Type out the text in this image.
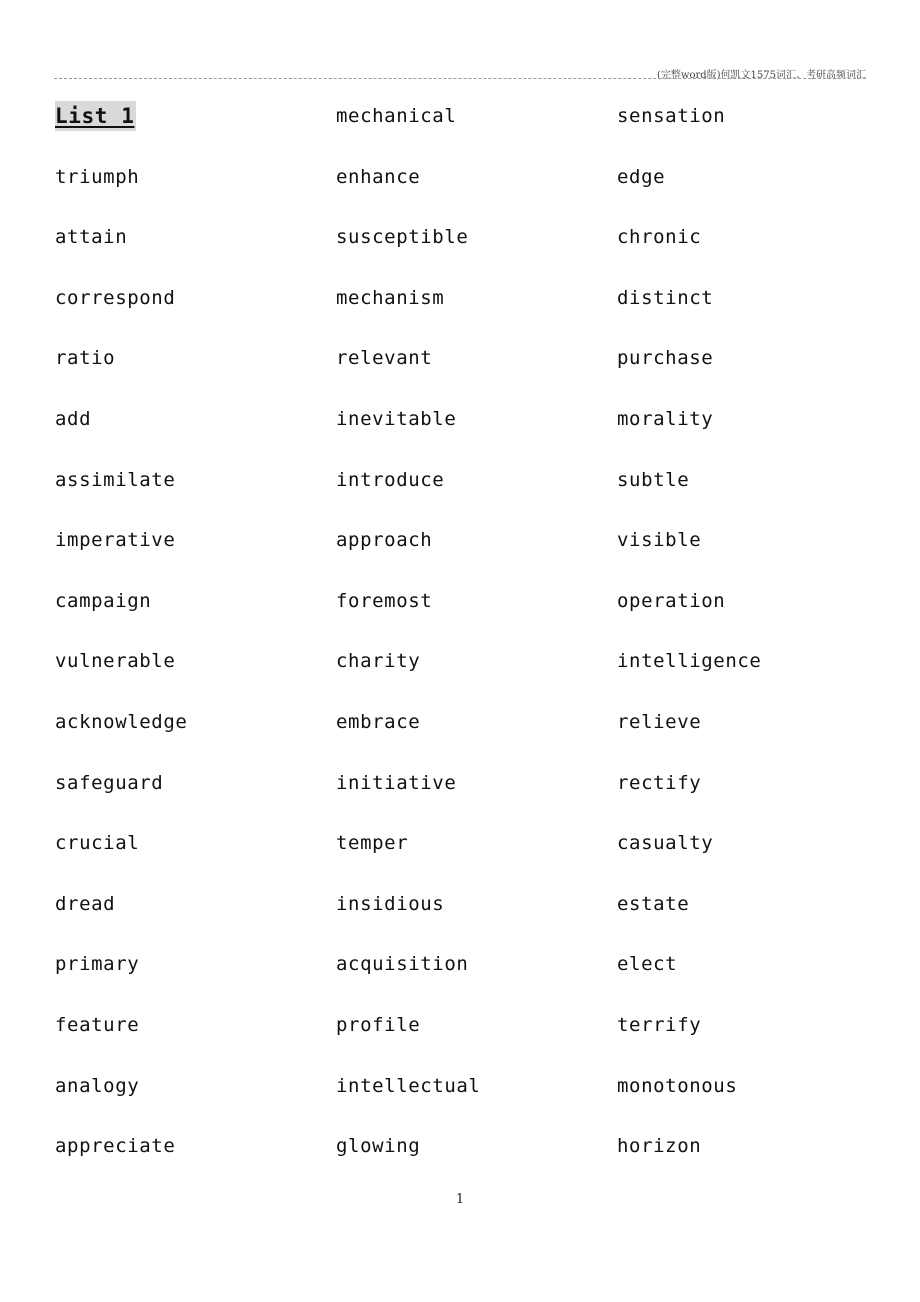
(完整word版)何凯文1575词汇、考研高频词汇
List 1	mechanical	sensation
triumph	enhance	edge
attain	susceptible	chronic
correspond	mechanism	distinct
ratio	relevant	purchase
add	inevitable	morality
assimilate	introduce	subtle
imperative	approach	visible
campaign	foremost	operation
vulnerable	charity	intelligence
acknowledge	embrace	relieve
safeguard	initiative	rectify
crucial	temper	casualty
dread	insidious	estate
primary	acquisition	elect
feature	profile	terrify
analogy	intellectual	monotonous
appreciate	glowing	horizon
1
